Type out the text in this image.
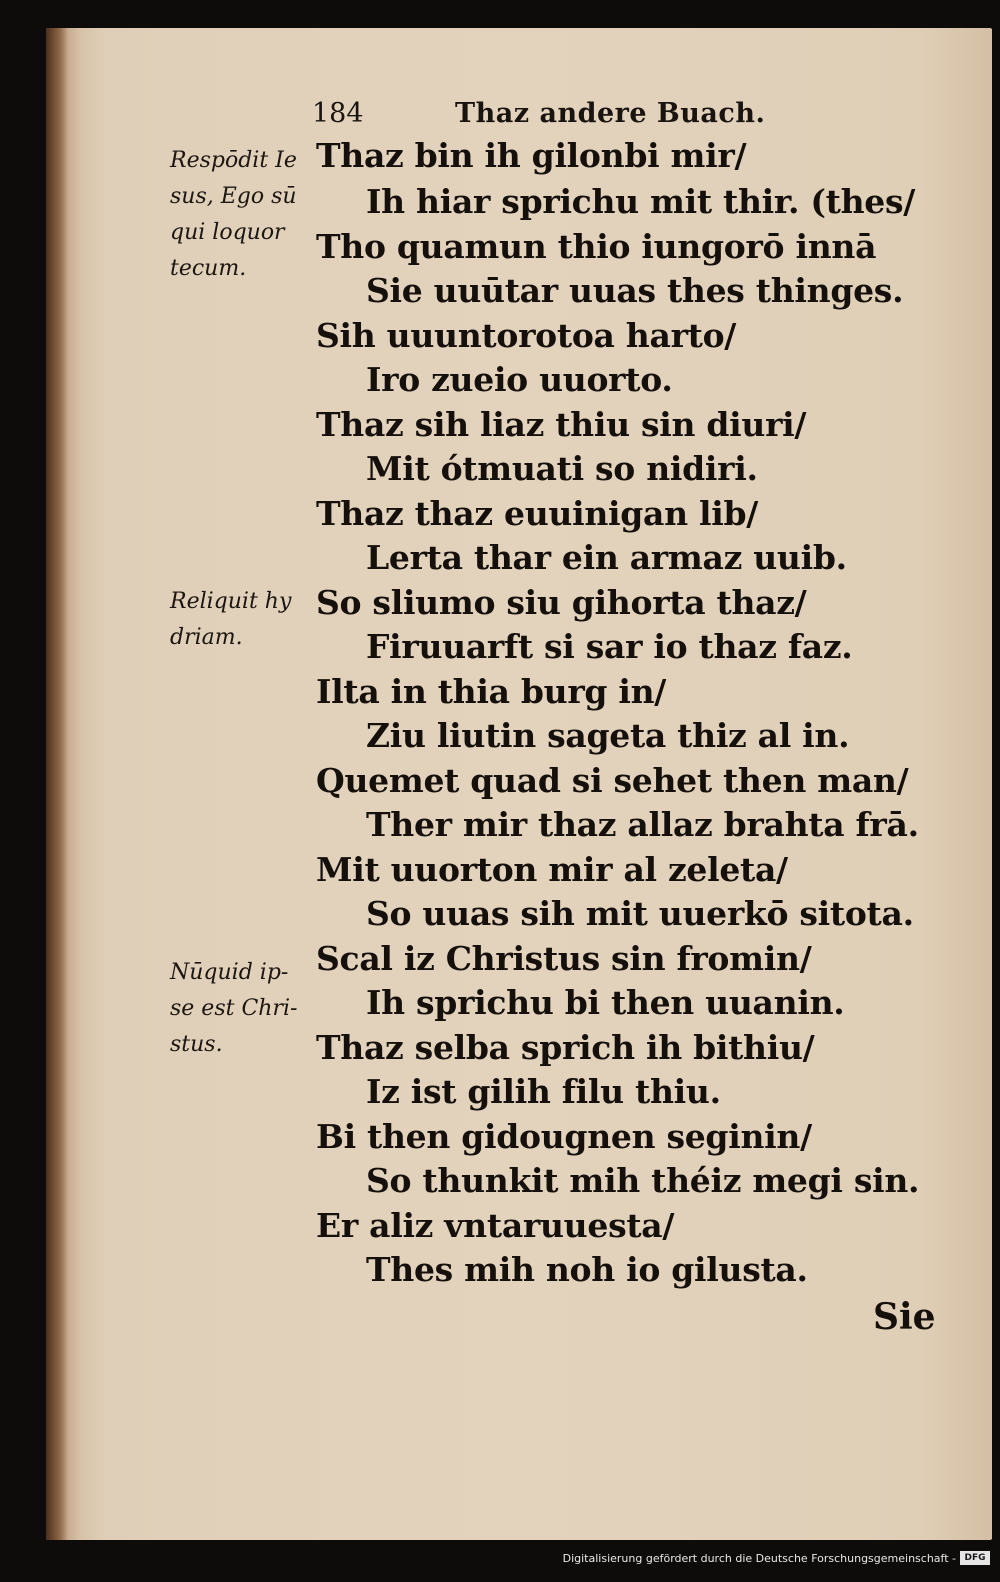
184	Thaz andere Buach.
Respōdit Ie
sus, Ego sū
qui loquor
tecum.
Reliquit hy
driam.
Nūquid ip-
se est Chri-
stus.
Thaz bin ih gilonbi mir/
Ih hiar sprichu mit thir. (thes/
Tho quamun thio iungorō innā
Sie uuūtar uuas thes thinges.
Sih uuuntorotoa harto/
Iro zueio uuorto.
Thaz sih liaz thiu sin diuri/
Mit ótmuati so nidiri.
Thaz thaz euuinigan lib/
Lerta thar ein armaz uuib.
So sliumo siu gihorta thaz/
Firuuarft si sar io thaz faz.
Ilta in thia burg in/
Ziu liutin sageta thiz al in.
Quemet quad si sehet then man/
Ther mir thaz allaz brahta frā.
Mit uuorton mir al zeleta/
So uuas sih mit uuerkō sitota.
Scal iz Christus sin fromin/
Ih sprichu bi then uuanin.
Thaz selba sprich ih bithiu/
Iz ist gilih filu thiu.
Bi then gidougnen seginin/
So thunkit mih théiz megi sin.
Er aliz vntaruuesta/
Thes mih noh io gilusta.
Sie
Digitalisierung gefördert durch die Deutsche Forschungsgemeinschaft - DFG
